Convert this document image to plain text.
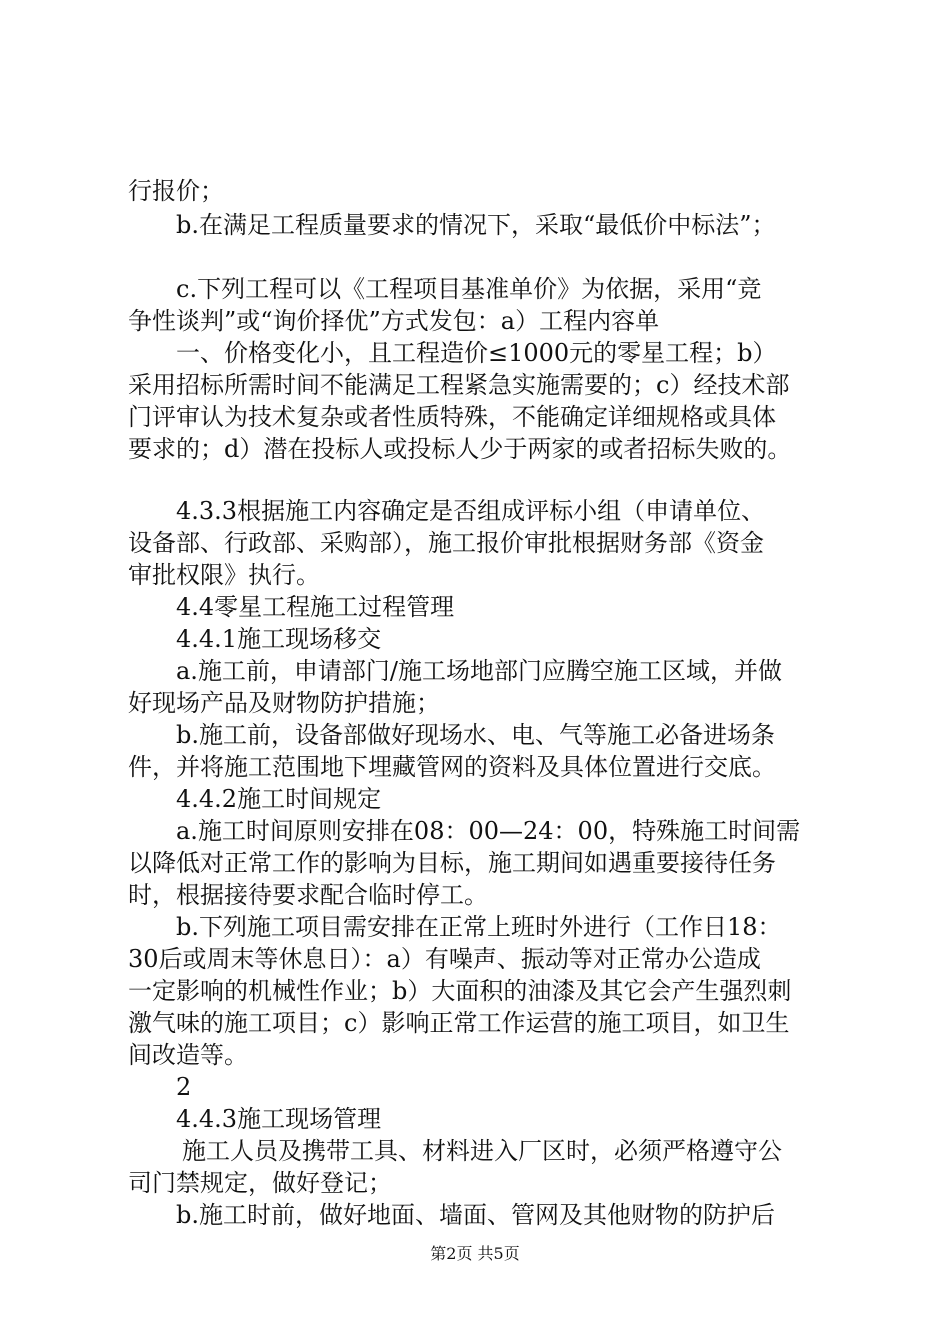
行报价；

b.在满足工程质量要求的情况下，采取“最低价中标法”；

c.下列工程可以《工程项目基准单价》为依据，采用“竞

争性谈判”或“询价择优”方式发包：a）工程内容单

一、价格变化小，且工程造价≤1000元的零星工程；b）

采用招标所需时间不能满足工程紧急实施需要的；c）经技术部

门评审认为技术复杂或者性质特殊，不能确定详细规格或具体

要求的；d）潜在投标人或投标人少于两家的或者招标失败的。

4.3.3根据施工内容确定是否组成评标小组（申请单位、

设备部、行政部、采购部），施工报价审批根据财务部《资金

审批权限》执行。

4.4零星工程施工过程管理

4.4.1施工现场移交

a.施工前，申请部门/施工场地部门应腾空施工区域，并做

好现场产品及财物防护措施；

b.施工前，设备部做好现场水、电、气等施工必备进场条

件，并将施工范围地下埋藏管网的资料及具体位置进行交底。

4.4.2施工时间规定

a.施工时间原则安排在08：00—24：00，特殊施工时间需

以降低对正常工作的影响为目标，施工期间如遇重要接待任务

时，根据接待要求配合临时停工。

b.下列施工项目需安排在正常上班时外进行（工作日18：

30后或周末等休息日）：a）有噪声、振动等对正常办公造成

一定影响的机械性作业；b）大面积的油漆及其它会产生强烈刺

激气味的施工项目；c）影响正常工作运营的施工项目，如卫生

间改造等。

2

4.4.3施工现场管理

施工人员及携带工具、材料进入厂区时，必须严格遵守公

司门禁规定，做好登记；

b.施工时前，做好地面、墙面、管网及其他财物的防护后

第2页 共5页
